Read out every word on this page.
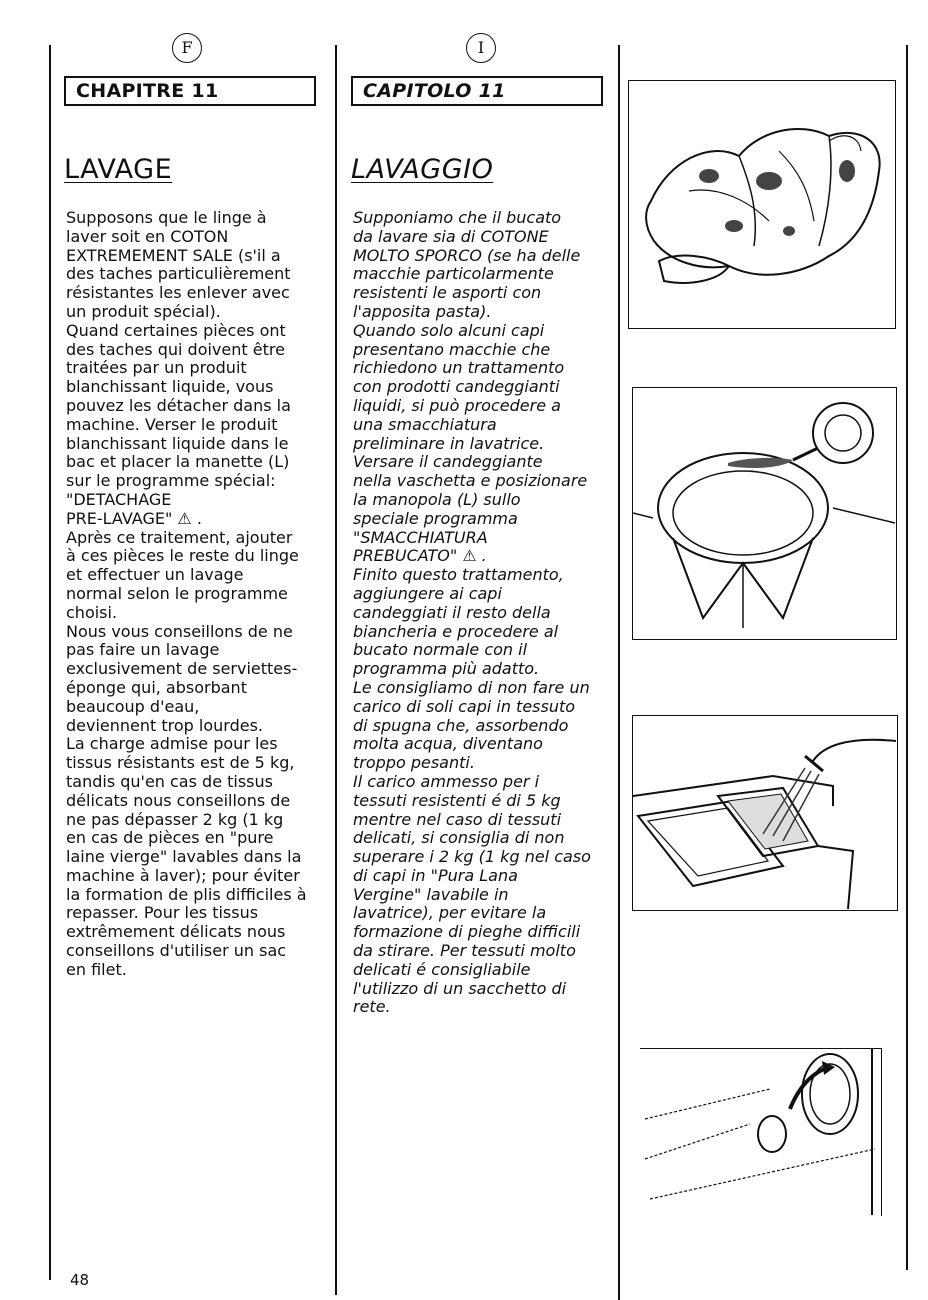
F
CHAPITRE 11
LAVAGE
Supposons que le linge à
laver soit en COTON
EXTREMEMENT SALE (s'il a
des taches particulièrement
résistantes les enlever avec
un produit spécial).
Quand certaines pièces ont
des taches qui doivent être
traitées par un produit
blanchissant liquide, vous
pouvez les détacher dans la
machine. Verser le produit
blanchissant liquide dans le
bac et placer la manette (L)
sur le programme spécial:
"DETACHAGE
PRE-LAVAGE" ⚠ .
Après ce traitement, ajouter
à ces pièces le reste du linge
et effectuer un lavage
normal selon le programme
choisi.
Nous vous conseillons de ne
pas faire un lavage
exclusivement de serviettes-
éponge qui, absorbant
beaucoup d'eau,
deviennent trop lourdes.
La charge admise pour les
tissus résistants est de 5 kg,
tandis qu'en cas de tissus
délicats nous conseillons de
ne pas dépasser 2 kg (1 kg
en cas de pièces en "pure
laine vierge" lavables dans la
machine à laver); pour éviter
la formation de plis difficiles à
repasser. Pour les tissus
extrêmement délicats nous
conseillons d'utiliser un sac
en filet.
I
CAPITOLO 11
LAVAGGIO
Supponiamo che il bucato
da lavare sia di COTONE
MOLTO SPORCO (se ha delle
macchie particolarmente
resistenti le asporti con
l'apposita pasta).
Quando solo alcuni capi
presentano macchie che
richiedono un trattamento
con prodotti candeggianti
liquidi, si può procedere a
una smacchiatura
preliminare in lavatrice.
Versare il candeggiante
nella vaschetta e posizionare
la manopola (L) sullo
speciale programma
"SMACCHIATURA
PREBUCATO" ⚠ .
Finito questo trattamento,
aggiungere ai capi
candeggiati il resto della
biancheria e procedere al
bucato normale con il
programma più adatto.
Le consigliamo di non fare un
carico di soli capi in tessuto
di spugna che, assorbendo
molta acqua, diventano
troppo pesanti.
Il carico ammesso per i
tessuti resistenti é di 5 kg
mentre nel caso di tessuti
delicati, si consiglia di non
superare i 2 kg (1 kg nel caso
di capi in "Pura Lana
Vergine" lavabile in
lavatrice), per evitare la
formazione di pieghe difficili
da stirare. Per tessuti molto
delicati é consigliabile
l'utilizzo di un sacchetto di
rete.
48
